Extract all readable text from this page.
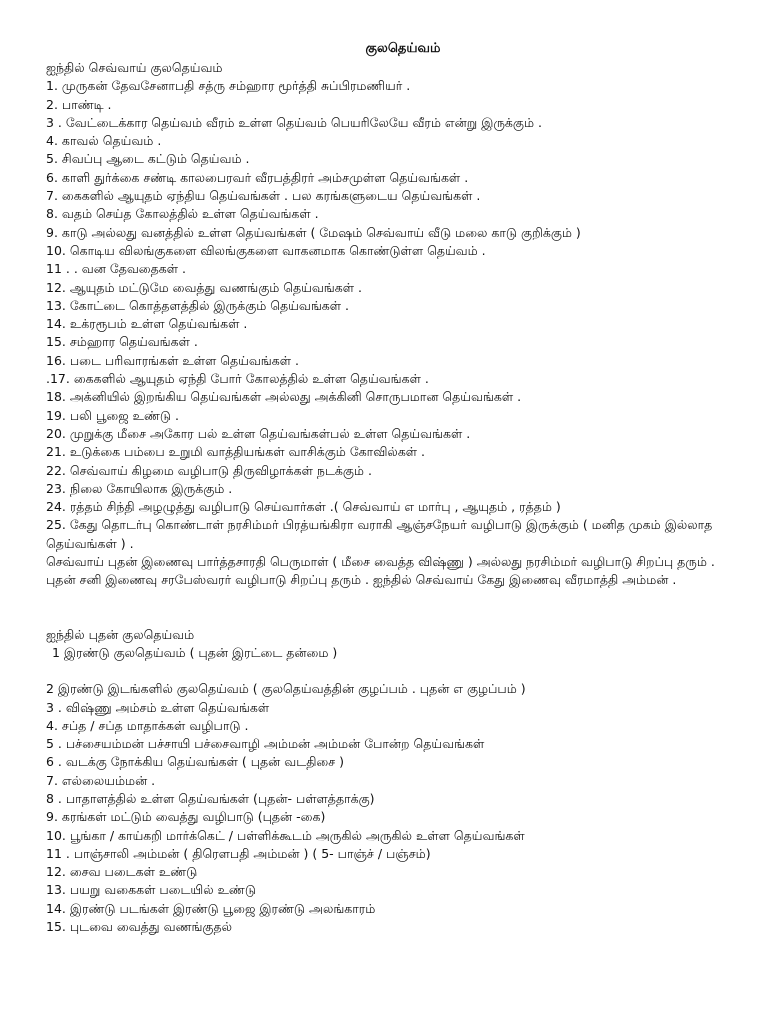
குலதெய்வம்
ஐந்தில் செவ்வாய் குலதெய்வம்
1. முருகன் தேவசேனாபதி சத்ரு சம்ஹார மூர்த்தி சுப்பிரமணியர் .
2. பாண்டி .
3 . வேட்டைக்கார தெய்வம் வீரம் உள்ள தெய்வம் பெயரிலேயே வீரம் என்று இருக்கும் .
4. காவல் தெய்வம் .
5. சிவப்பு ஆடை கட்டும் தெய்வம் .
6. காளி துர்க்கை சண்டி காலபைரவர் வீரபத்திரர் அம்சமுள்ள தெய்வங்கள் .
7. கைகளில் ஆயுதம் ஏந்திய தெய்வங்கள் . பல கரங்களுடைய தெய்வங்கள் .
8. வதம் செய்த கோலத்தில் உள்ள தெய்வங்கள் .
9. காடு அல்லது வனத்தில் உள்ள தெய்வங்கள் ( மேஷம் செவ்வாய் வீடு மலை காடு குறிக்கும் )
10. கொடிய விலங்குகளை விலங்குகளை வாகனமாக கொண்டுள்ள தெய்வம் .
11 . . வன தேவதைகள் .
12. ஆயுதம் மட்டுமே வைத்து வணங்கும் தெய்வங்கள் .
13. கோட்டை கொத்தளத்தில் இருக்கும் தெய்வங்கள் .
14. உக்ரரூபம் உள்ள தெய்வங்கள் .
15. சம்ஹார தெய்வங்கள் .
16. படை பரிவாரங்கள் உள்ள தெய்வங்கள் .
.17. கைகளில் ஆயுதம் ஏந்தி போர் கோலத்தில் உள்ள தெய்வங்கள் .
18. அக்னியில் இறங்கிய தெய்வங்கள் அல்லது அக்கினி சொருபமான தெய்வங்கள் .
19. பலி பூஜை உண்டு .
20. முறுக்கு மீசை அகோர பல் உள்ள தெய்வங்கள்பல் உள்ள தெய்வங்கள் .
21. உடுக்கை பம்பை உறுமி வாத்தியங்கள் வாசிக்கும் கோவில்கள் .
22. செவ்வாய் கிழமை வழிபாடு திருவிழாக்கள் நடக்கும் .
23. நிலை கோயிலாக இருக்கும் .
24. ரத்தம் சிந்தி அழழுத்து வழிபாடு செய்வார்கள் .( செவ்வாய் எ மார்பு , ஆயுதம் , ரத்தம் )
25. கேது தொடர்பு கொண்டாள் நரசிம்மர் பிரத்யங்கிரா வராகி ஆஞ்சநேயர் வழிபாடு இருக்கும் ( மனித முகம் இல்லாத தெய்வங்கள் ) .
செவ்வாய் புதன் இணைவு பார்த்தசாரதி பெருமாள் ( மீசை வைத்த விஷ்ணு ) அல்லது நரசிம்மர் வழிபாடு சிறப்பு தரும் .
புதன் சனி இணைவு சரபேஸ்வரர் வழிபாடு சிறப்பு தரும் . ஐந்தில் செவ்வாய் கேது இணைவு வீரமாத்தி அம்மன் .
ஐந்தில் புதன் குலதெய்வம்
1 இரண்டு குலதெய்வம் ( புதன் இரட்டை தன்மை )
2 இரண்டு இடங்களில் குலதெய்வம் ( குலதெய்வத்தின் குழப்பம் . புதன் எ குழப்பம் )
3 . விஷ்ணு அம்சம் உள்ள தெய்வங்கள்
4. சப்த / சப்த மாதாக்கள் வழிபாடு .
5 . பச்சையம்மன் பச்சாயி பச்சைவாழி அம்மன் அம்மன் போன்ற தெய்வங்கள்
6 . வடக்கு நோக்கிய தெய்வங்கள் ( புதன் வடதிசை )
7. எல்லையம்மன் .
8 . பாதாளத்தில் உள்ள தெய்வங்கள் (புதன்- பள்ளத்தாக்கு)
9. கரங்கள் மட்டும் வைத்து வழிபாடு (புதன் -கை)
10. பூங்கா / காய்கறி மார்க்கெட் / பள்ளிக்கூடம் அருகில் அருகில் உள்ள தெய்வங்கள்
11 . பாஞ்சாலி அம்மன் ( திரௌபதி அம்மன் ) ( 5- பாஞ்ச் / பஞ்சம்)
12. சைவ படைகள் உண்டு
13. பயறு வகைகள் படையில் உண்டு
14. இரண்டு படங்கள் இரண்டு பூஜை இரண்டு அலங்காரம்
15. புடவை வைத்து வணங்குதல்
